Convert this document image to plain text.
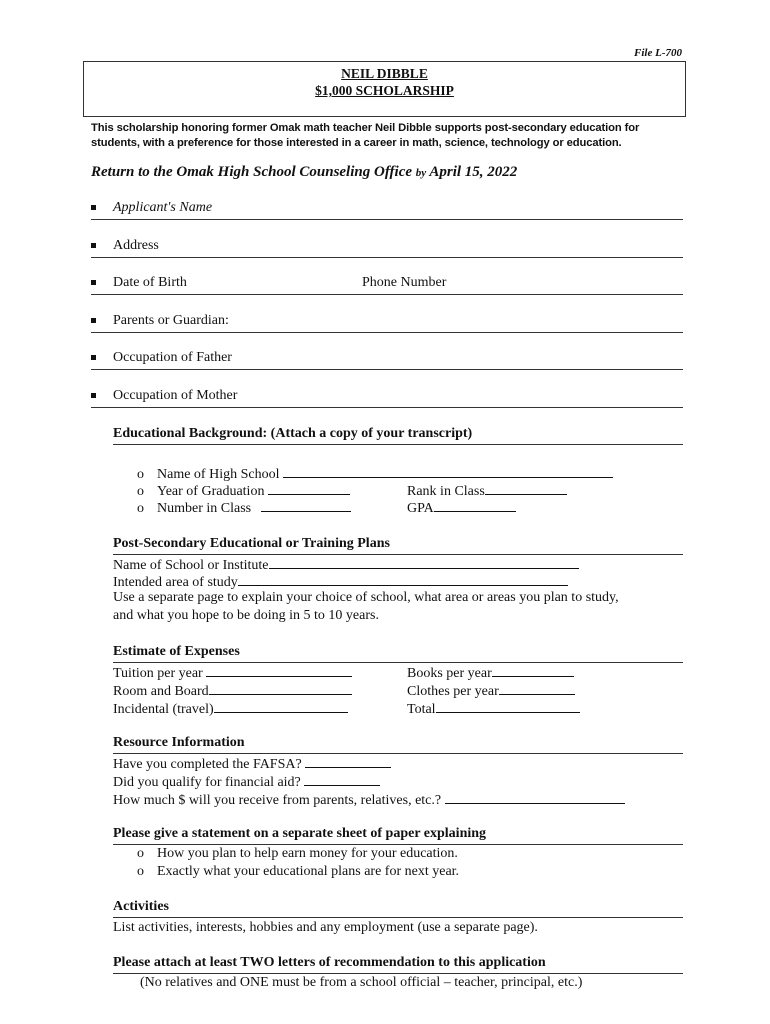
File L-700
NEIL DIBBLE
$1,000 SCHOLARSHIP
This scholarship honoring former Omak math teacher Neil Dibble supports post-secondary education for students, with a preference for those interested in a career in math, science, technology or education.
Return to the Omak High School Counseling Office by April 15, 2022
Applicant's Name
Address
Date of Birth	Phone Number
Parents or Guardian:
Occupation of Father
Occupation of Mother
Educational Background: (Attach a copy of your transcript)
o Name of High School
o Year of Graduation	Rank in Class
o Number in Class	GPA
Post-Secondary Educational or Training Plans
Name of School or Institute
Intended area of study
Use a separate page to explain your choice of school, what area or areas you plan to study,
and what you hope to be doing in 5 to 10 years.
Estimate of Expenses
Tuition per year	Books per year
Room and Board	Clothes per year
Incidental (travel)	Total
Resource Information
Have you completed the FAFSA?
Did you qualify for financial aid?
How much $ will you receive from parents, relatives, etc.?
Please give a statement on a separate sheet of paper explaining
o How you plan to help earn money for your education.
o Exactly what your educational plans are for next year.
Activities
List activities, interests, hobbies and any employment (use a separate page).
Please attach at least TWO letters of recommendation to this application
(No relatives and ONE must be from a school official – teacher, principal, etc.)
